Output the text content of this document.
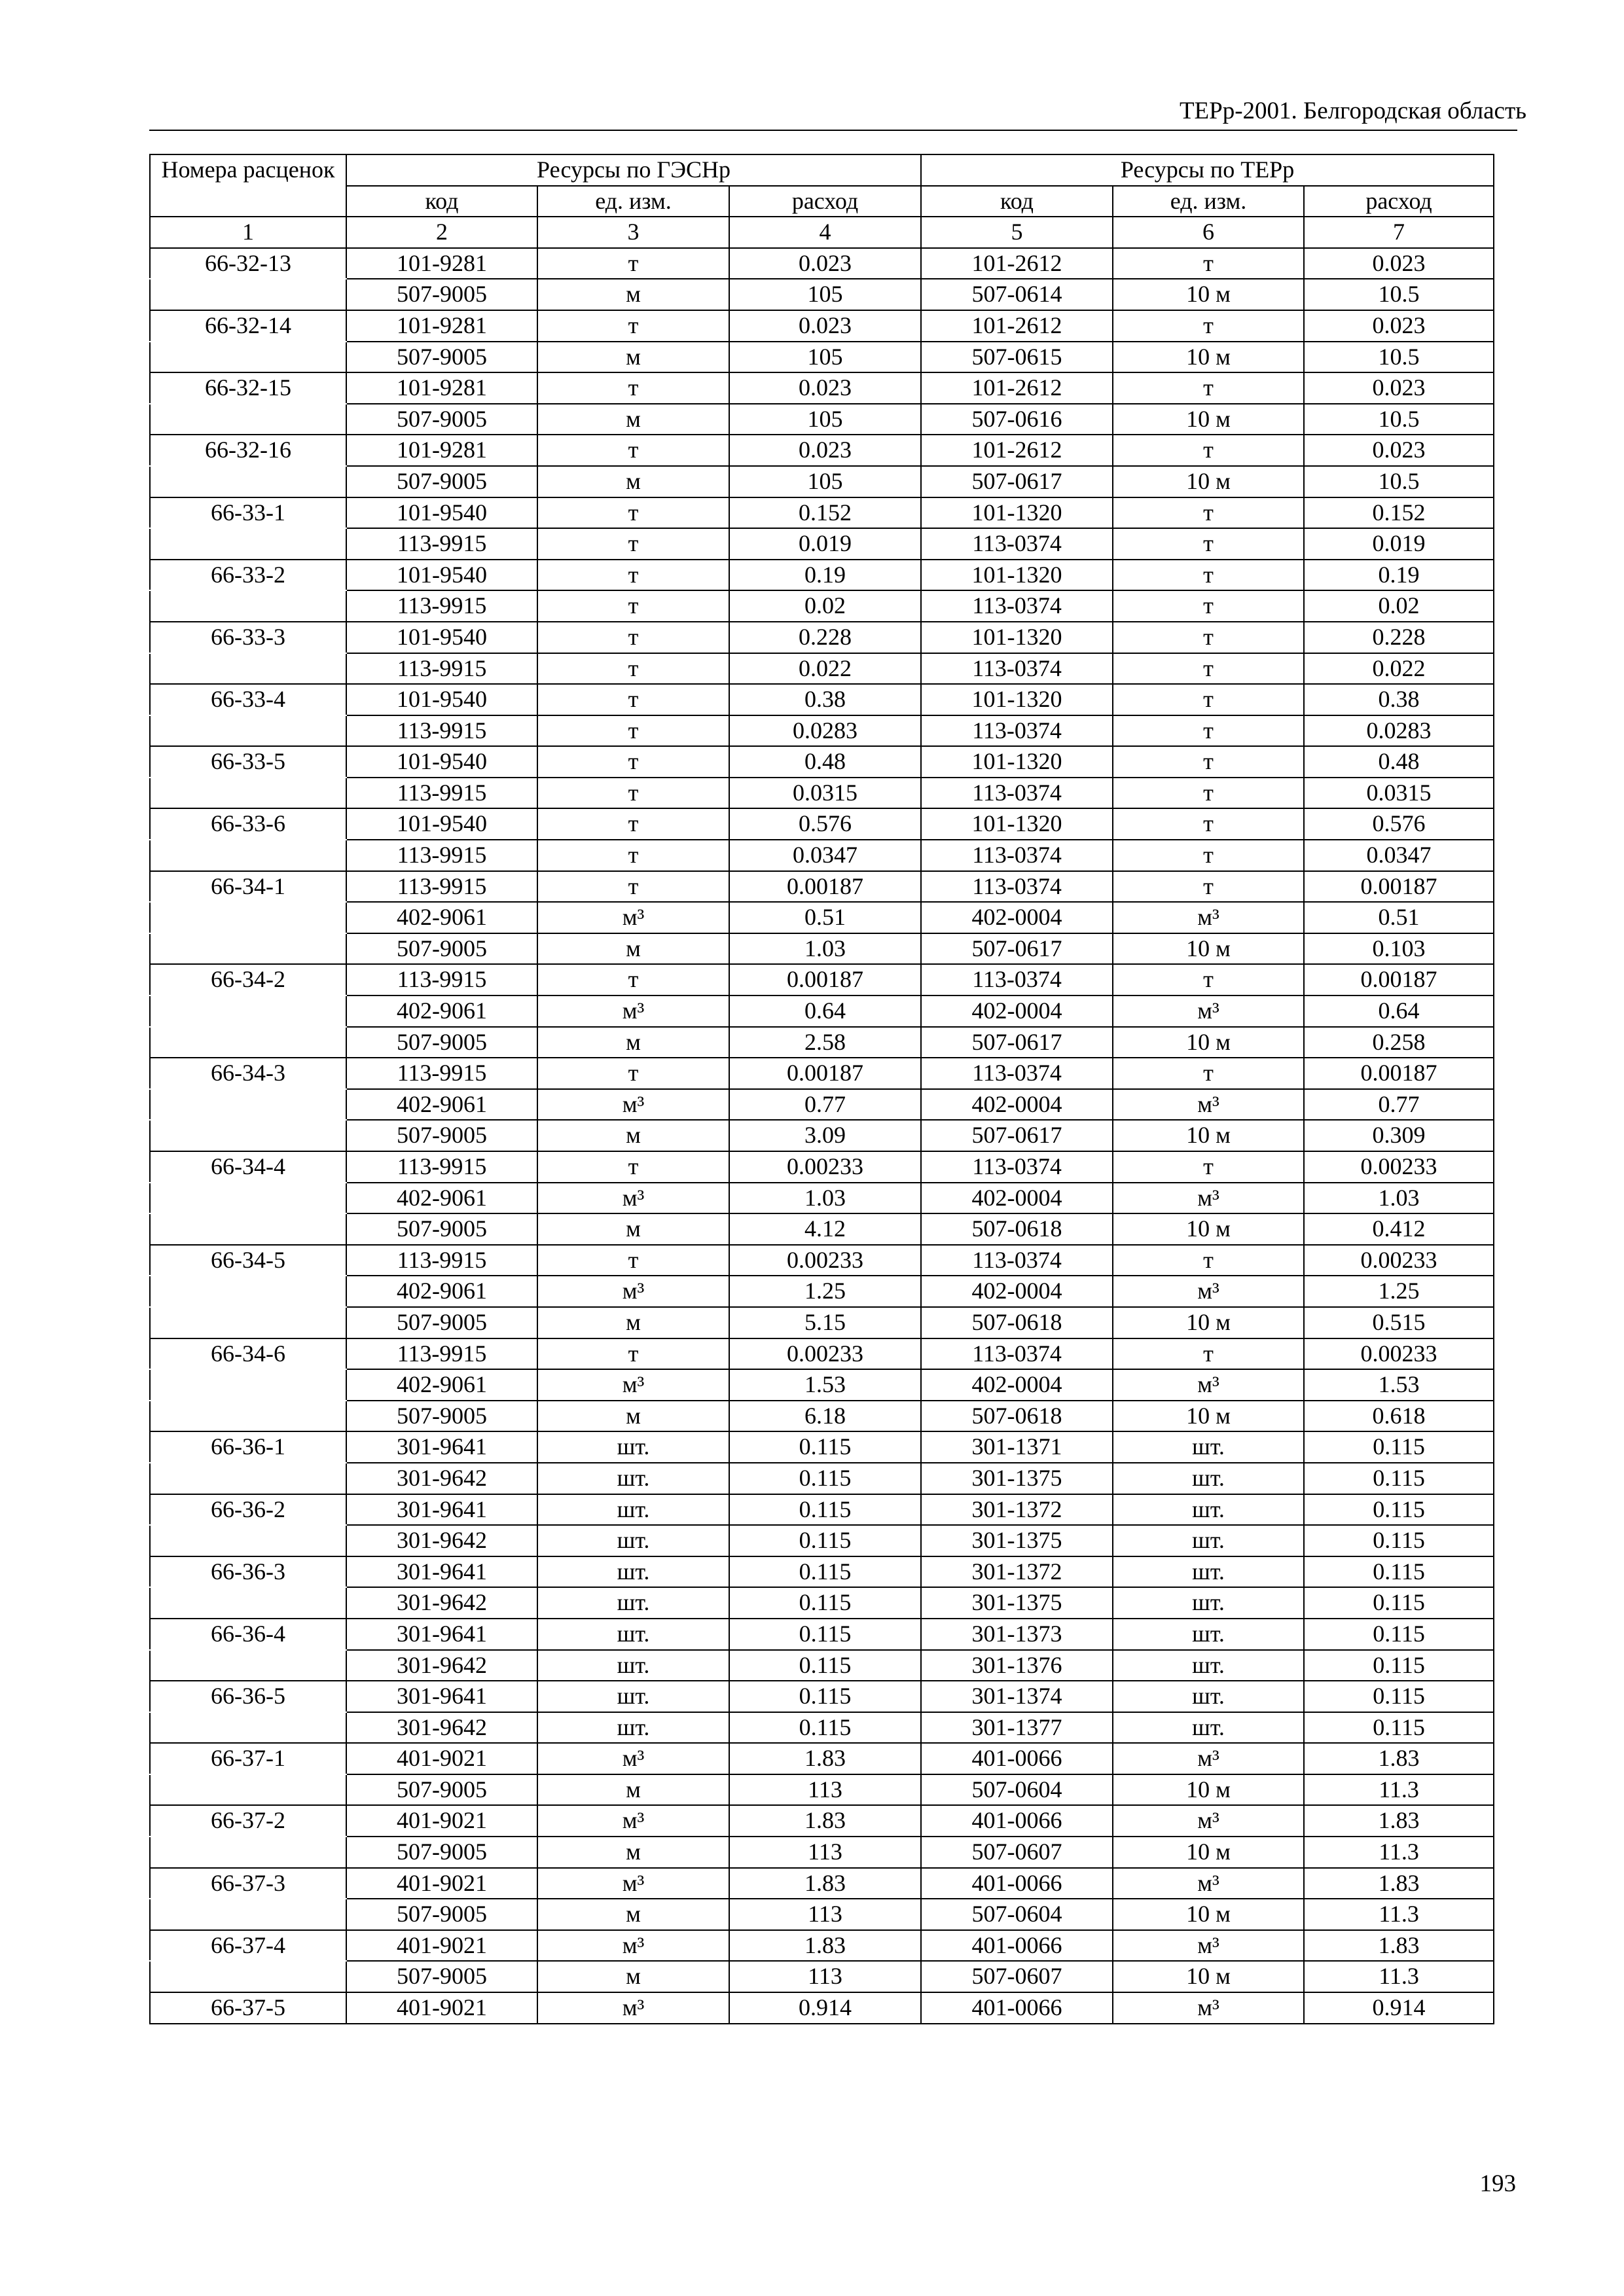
ТЕРр-2001. Белгородская область
Номера расценок	Ресурсы по ГЭСНр			Ресурсы по ТЕРр		
	код	ед. изм.	расход	код	ед. изм.	расход
1	2	3	4	5	6	7
66-32-13	101-9281	т	0.023	101-2612	т	0.023
	507-9005	м	105	507-0614	10 м	10.5
66-32-14	101-9281	т	0.023	101-2612	т	0.023
	507-9005	м	105	507-0615	10 м	10.5
66-32-15	101-9281	т	0.023	101-2612	т	0.023
	507-9005	м	105	507-0616	10 м	10.5
66-32-16	101-9281	т	0.023	101-2612	т	0.023
	507-9005	м	105	507-0617	10 м	10.5
66-33-1	101-9540	т	0.152	101-1320	т	0.152
	113-9915	т	0.019	113-0374	т	0.019
66-33-2	101-9540	т	0.19	101-1320	т	0.19
	113-9915	т	0.02	113-0374	т	0.02
66-33-3	101-9540	т	0.228	101-1320	т	0.228
	113-9915	т	0.022	113-0374	т	0.022
66-33-4	101-9540	т	0.38	101-1320	т	0.38
	113-9915	т	0.0283	113-0374	т	0.0283
66-33-5	101-9540	т	0.48	101-1320	т	0.48
	113-9915	т	0.0315	113-0374	т	0.0315
66-33-6	101-9540	т	0.576	101-1320	т	0.576
	113-9915	т	0.0347	113-0374	т	0.0347
66-34-1	113-9915	т	0.00187	113-0374	т	0.00187
	402-9061	м³	0.51	402-0004	м³	0.51
	507-9005	м	1.03	507-0617	10 м	0.103
66-34-2	113-9915	т	0.00187	113-0374	т	0.00187
	402-9061	м³	0.64	402-0004	м³	0.64
	507-9005	м	2.58	507-0617	10 м	0.258
66-34-3	113-9915	т	0.00187	113-0374	т	0.00187
	402-9061	м³	0.77	402-0004	м³	0.77
	507-9005	м	3.09	507-0617	10 м	0.309
66-34-4	113-9915	т	0.00233	113-0374	т	0.00233
	402-9061	м³	1.03	402-0004	м³	1.03
	507-9005	м	4.12	507-0618	10 м	0.412
66-34-5	113-9915	т	0.00233	113-0374	т	0.00233
	402-9061	м³	1.25	402-0004	м³	1.25
	507-9005	м	5.15	507-0618	10 м	0.515
66-34-6	113-9915	т	0.00233	113-0374	т	0.00233
	402-9061	м³	1.53	402-0004	м³	1.53
	507-9005	м	6.18	507-0618	10 м	0.618
66-36-1	301-9641	шт.	0.115	301-1371	шт.	0.115
	301-9642	шт.	0.115	301-1375	шт.	0.115
66-36-2	301-9641	шт.	0.115	301-1372	шт.	0.115
	301-9642	шт.	0.115	301-1375	шт.	0.115
66-36-3	301-9641	шт.	0.115	301-1372	шт.	0.115
	301-9642	шт.	0.115	301-1375	шт.	0.115
66-36-4	301-9641	шт.	0.115	301-1373	шт.	0.115
	301-9642	шт.	0.115	301-1376	шт.	0.115
66-36-5	301-9641	шт.	0.115	301-1374	шт.	0.115
	301-9642	шт.	0.115	301-1377	шт.	0.115
66-37-1	401-9021	м³	1.83	401-0066	м³	1.83
	507-9005	м	113	507-0604	10 м	11.3
66-37-2	401-9021	м³	1.83	401-0066	м³	1.83
	507-9005	м	113	507-0607	10 м	11.3
66-37-3	401-9021	м³	1.83	401-0066	м³	1.83
	507-9005	м	113	507-0604	10 м	11.3
66-37-4	401-9021	м³	1.83	401-0066	м³	1.83
	507-9005	м	113	507-0607	10 м	11.3
66-37-5	401-9021	м³	0.914	401-0066	м³	0.914
193
